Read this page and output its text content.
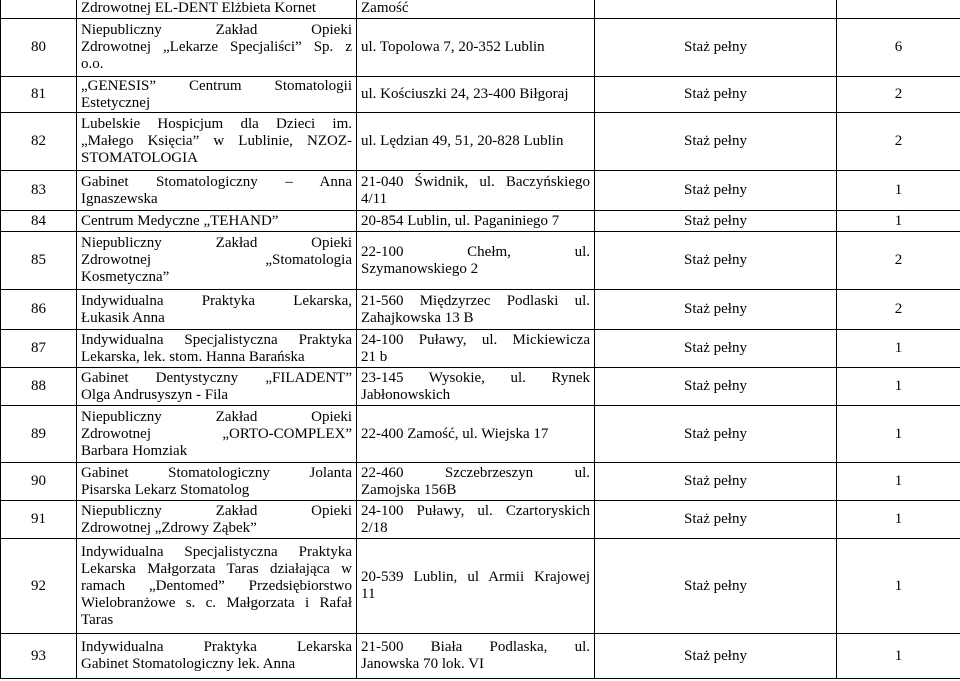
	Zdrowotnej EL-DENT Elżbieta Kornet	Zamość		

80	Niepubliczny Zakład Opieki
Zdrowotnej „Lekarze Specjaliści” Sp. z
o.o.	ul. Topolowa 7, 20-352 Lublin	Staż pełny	6
81	„GENESIS” Centrum Stomatologii
Estetycznej	ul. Kościuszki 24, 23-400 Biłgoraj	Staż pełny	2
82	Lubelskie Hospicjum dla Dzieci im.
„Małego Księcia” w Lublinie, NZOZ-
STOMATOLOGIA	ul. Lędzian 49, 51, 20-828 Lublin	Staż pełny	2
83	Gabinet Stomatologiczny – Anna
Ignaszewska	21-040 Świdnik, ul. Baczyńskiego
4/11	Staż pełny	1
84	Centrum Medyczne „TEHAND”	20-854 Lublin, ul. Paganiniego 7	Staż pełny	1
85	Niepubliczny Zakład Opieki
Zdrowotnej „Stomatologia
Kosmetyczna”	22-100 Chełm, ul.
Szymanowskiego 2	Staż pełny	2
86	Indywidualna Praktyka Lekarska,
Łukasik Anna	21-560 Międzyrzec Podlaski ul.
Zahajkowska 13 B	Staż pełny	2
87	Indywidualna Specjalistyczna Praktyka
Lekarska, lek. stom. Hanna Barańska	24-100 Puławy, ul. Mickiewicza
21 b	Staż pełny	1
88	Gabinet Dentystyczny „FILADENT”
Olga Andrusyszyn - Fila	23-145 Wysokie, ul. Rynek
Jabłonowskich	Staż pełny	1
89	Niepubliczny Zakład Opieki
Zdrowotnej „ORTO-COMPLEX”
Barbara Homziak	22-400 Zamość, ul. Wiejska 17	Staż pełny	1
90	Gabinet Stomatologiczny Jolanta
Pisarska Lekarz Stomatolog	22-460 Szczebrzeszyn ul.
Zamojska 156B	Staż pełny	1
91	Niepubliczny Zakład Opieki
Zdrowotnej „Zdrowy Ząbek”	24-100 Puławy, ul. Czartoryskich
2/18	Staż pełny	1
92	Indywidualna Specjalistyczna Praktyka
Lekarska Małgorzata Taras działająca w
ramach „Dentomed” Przedsiębiorstwo
Wielobranżowe s. c. Małgorzata i Rafał
Taras	20-539 Lublin, ul Armii Krajowej
11	Staż pełny	1
93	Indywidualna Praktyka Lekarska
Gabinet Stomatologiczny lek. Anna	21-500 Biała Podlaska, ul.
Janowska 70 lok. VI	Staż pełny	1
